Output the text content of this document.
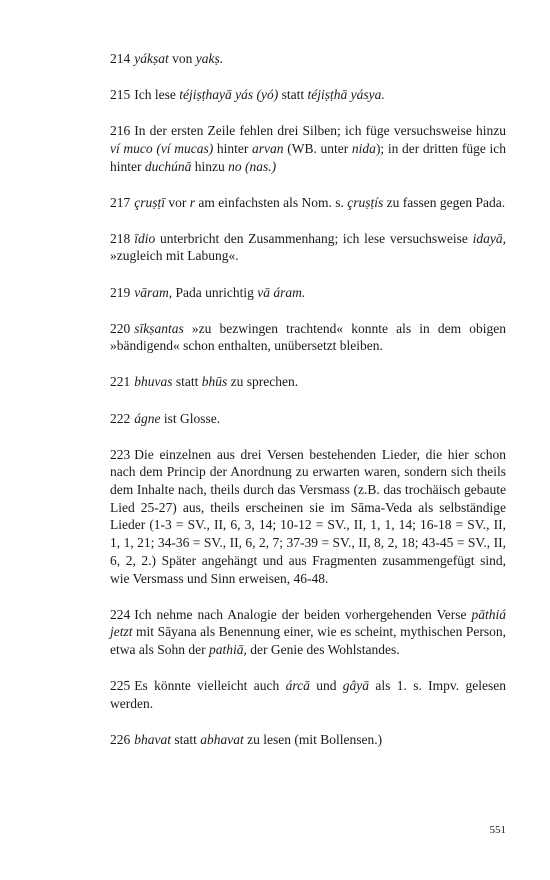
214 yákṣat von yakṣ.

215 Ich lese téjiṣṭhayā yás (yó) statt téjiṣṭhā yásya.

216 In der ersten Zeile fehlen drei Silben; ich füge versuchsweise hinzu ví muco (ví mucas) hinter arvan (WB. unter nida); in der dritten füge ich hinter duchúnā hinzu no (nas.)

217 çruṣṭī vor r am einfachsten als Nom. s. çruṣṭís zu fassen gegen Pada.

218 īdio unterbricht den Zusammenhang; ich lese versuchsweise idayā, »zugleich mit Labung«.

219 vāram, Pada unrichtig vā áram.

220 sīkṣantas »zu bezwingen trachtend« konnte als in dem obigen »bändigend« schon enthalten, unübersetzt bleiben.

221 bhuvas statt bhūs zu sprechen.

222 ágne ist Glosse.

223 Die einzelnen aus drei Versen bestehenden Lieder, die hier schon nach dem Princip der Anordnung zu erwarten waren, sondern sich theils dem Inhalte nach, theils durch das Versmass (z.B. das trochäisch gebaute Lied 25-27) aus, theils erscheinen sie im Sāma-Veda als selbständige Lieder (1-3 = SV., II, 6, 3, 14; 10-12 = SV., II, 1, 1, 14; 16-18 = SV., II, 1, 1, 21; 34-36 = SV., II, 6, 2, 7; 37-39 = SV., II, 8, 2, 18; 43-45 = SV., II, 6, 2, 2.) Später angehängt und aus Fragmenten zusammengefügt sind, wie Versmass und Sinn erweisen, 46-48.

224 Ich nehme nach Analogie der beiden vorhergehenden Verse pāthiá jetzt mit Sāyana als Benennung einer, wie es scheint, mythischen Person, etwa als Sohn der pathiā, der Genie des Wohlstandes.

225 Es könnte vielleicht auch árcā und gâyā als 1. s. Impv. gelesen werden.

226 bhavat statt abhavat zu lesen (mit Bollensen.)

551
